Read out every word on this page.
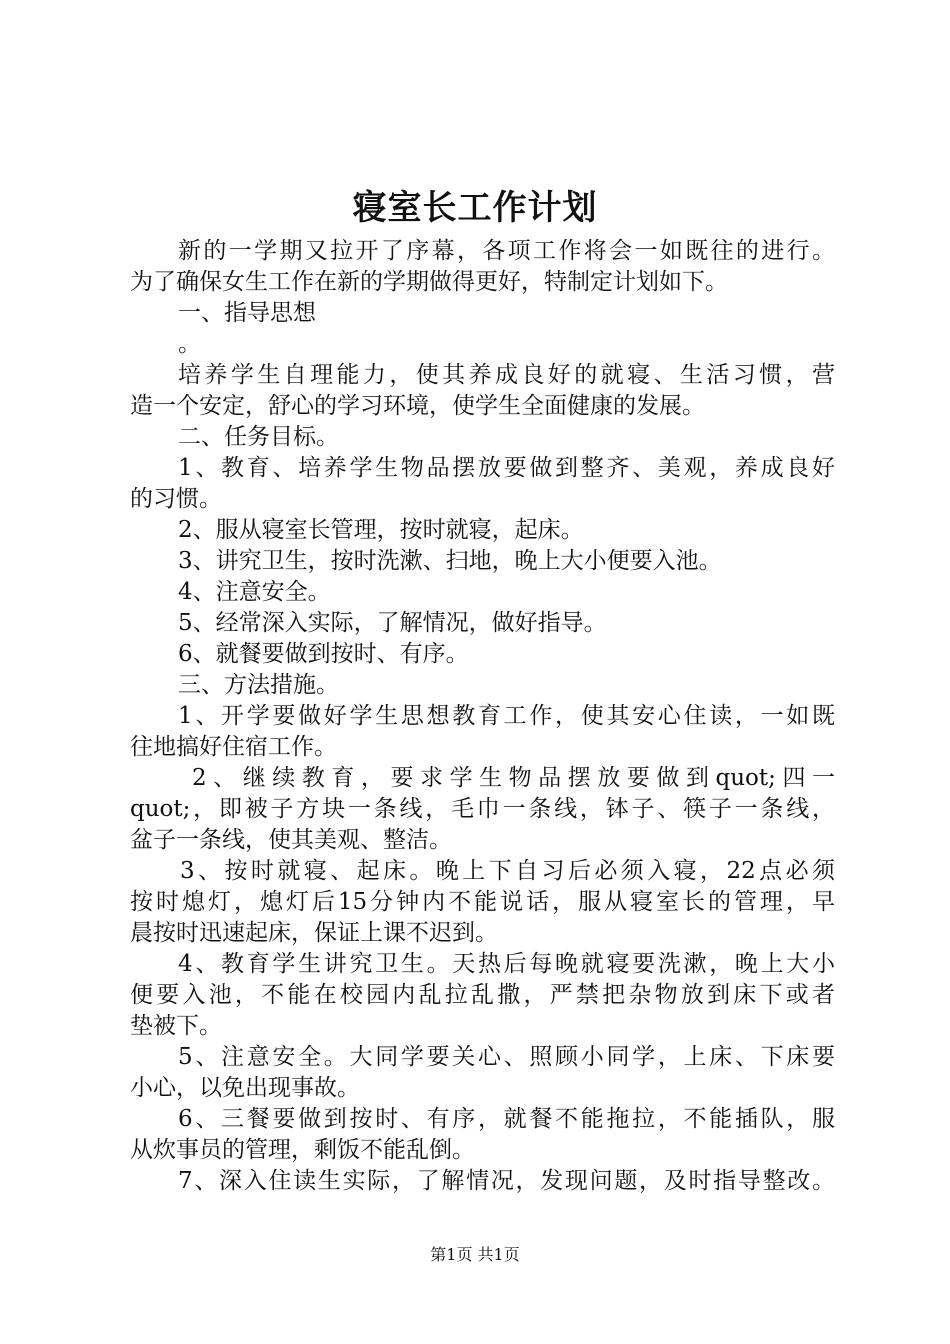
寝室长工作计划
新的一学期又拉开了序幕，各项工作将会一如既往的进行。
为了确保女生工作在新的学期做得更好，特制定计划如下。
一、指导思想
。
培养学生自理能力，使其养成良好的就寝、生活习惯，营
造一个安定，舒心的学习环境，使学生全面健康的发展。
二、任务目标。
1、教育、培养学生物品摆放要做到整齐、美观，养成良好
的习惯。
2、服从寝室长管理，按时就寝，起床。
3、讲究卫生，按时洗漱、扫地，晚上大小便要入池。
4、注意安全。
5、经常深入实际，了解情况，做好指导。
6、就餐要做到按时、有序。
三、方法措施。
1、开学要做好学生思想教育工作，使其安心住读，一如既
往地搞好住宿工作。
2、继续教育，要求学生物品摆放要做到quot;四一
quot;，即被子方块一条线，毛巾一条线，钵子、筷子一条线，
盆子一条线，使其美观、整洁。
3、按时就寝、起床。晚上下自习后必须入寝，22点必须
按时熄灯，熄灯后15分钟内不能说话，服从寝室长的管理，早
晨按时迅速起床，保证上课不迟到。
4、教育学生讲究卫生。天热后每晚就寝要洗漱，晚上大小
便要入池，不能在校园内乱拉乱撒，严禁把杂物放到床下或者
垫被下。
5、注意安全。大同学要关心、照顾小同学，上床、下床要
小心，以免出现事故。
6、三餐要做到按时、有序，就餐不能拖拉，不能插队，服
从炊事员的管理，剩饭不能乱倒。
7、深入住读生实际，了解情况，发现问题，及时指导整改。
第1页 共1页
